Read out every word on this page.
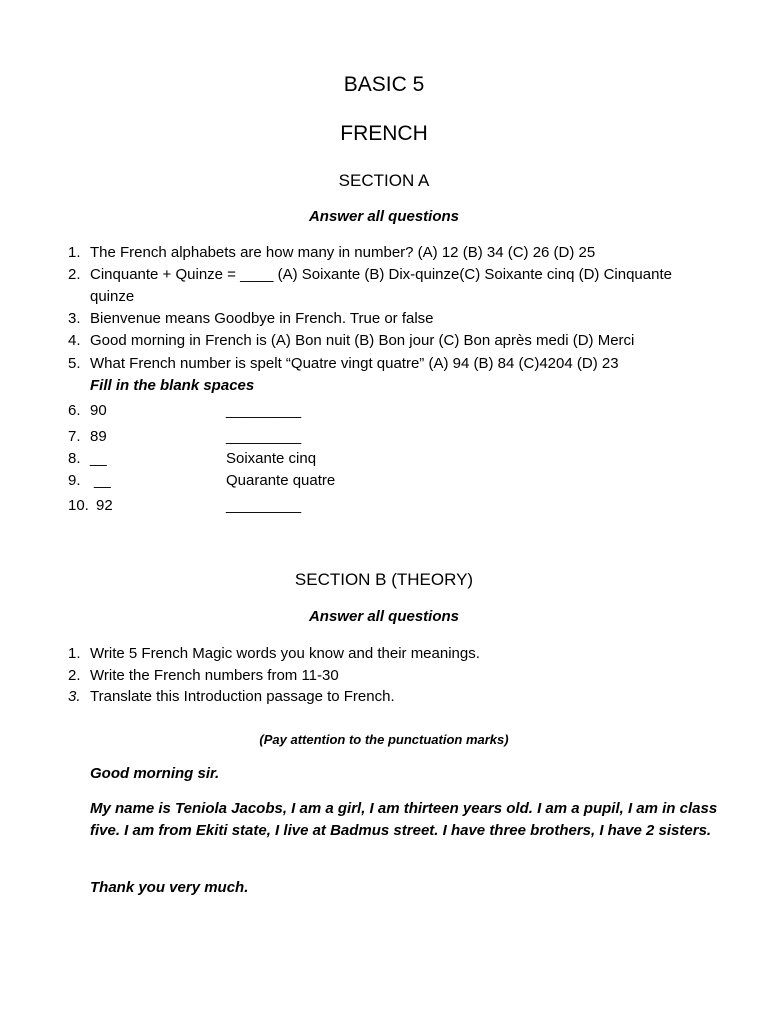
BASIC 5
FRENCH
SECTION A
Answer all questions
1. The French alphabets are how many in number? (A) 12 (B) 34 (C) 26 (D) 25
2. Cinquante + Quinze = ____ (A) Soixante (B) Dix-quinze(C) Soixante cinq (D) Cinquante
quinze
3. Bienvenue means Goodbye in French. True or false
4. Good morning in French is (A) Bon nuit (B) Bon jour (C) Bon après medi (D) Merci
5. What French number is spelt “Quatre vingt quatre” (A) 94 (B) 84 (C)4204 (D) 23
Fill in the blank spaces
6. 90	_________
7. 89	_________
8. __	Soixante cinq
9. __	Quarante quatre
10. 92	_________
SECTION B (THEORY)
Answer all questions
1. Write 5 French Magic words you know and their meanings.
2. Write the French numbers from 11-30
3. Translate this Introduction passage to French.
(Pay attention to the punctuation marks)
Good morning sir.
My name is Teniola Jacobs, I am a girl, I am thirteen years old. I am a pupil, I am in class five. I am from Ekiti state, I live at Badmus street. I have three brothers, I have 2 sisters.
Thank you very much.
